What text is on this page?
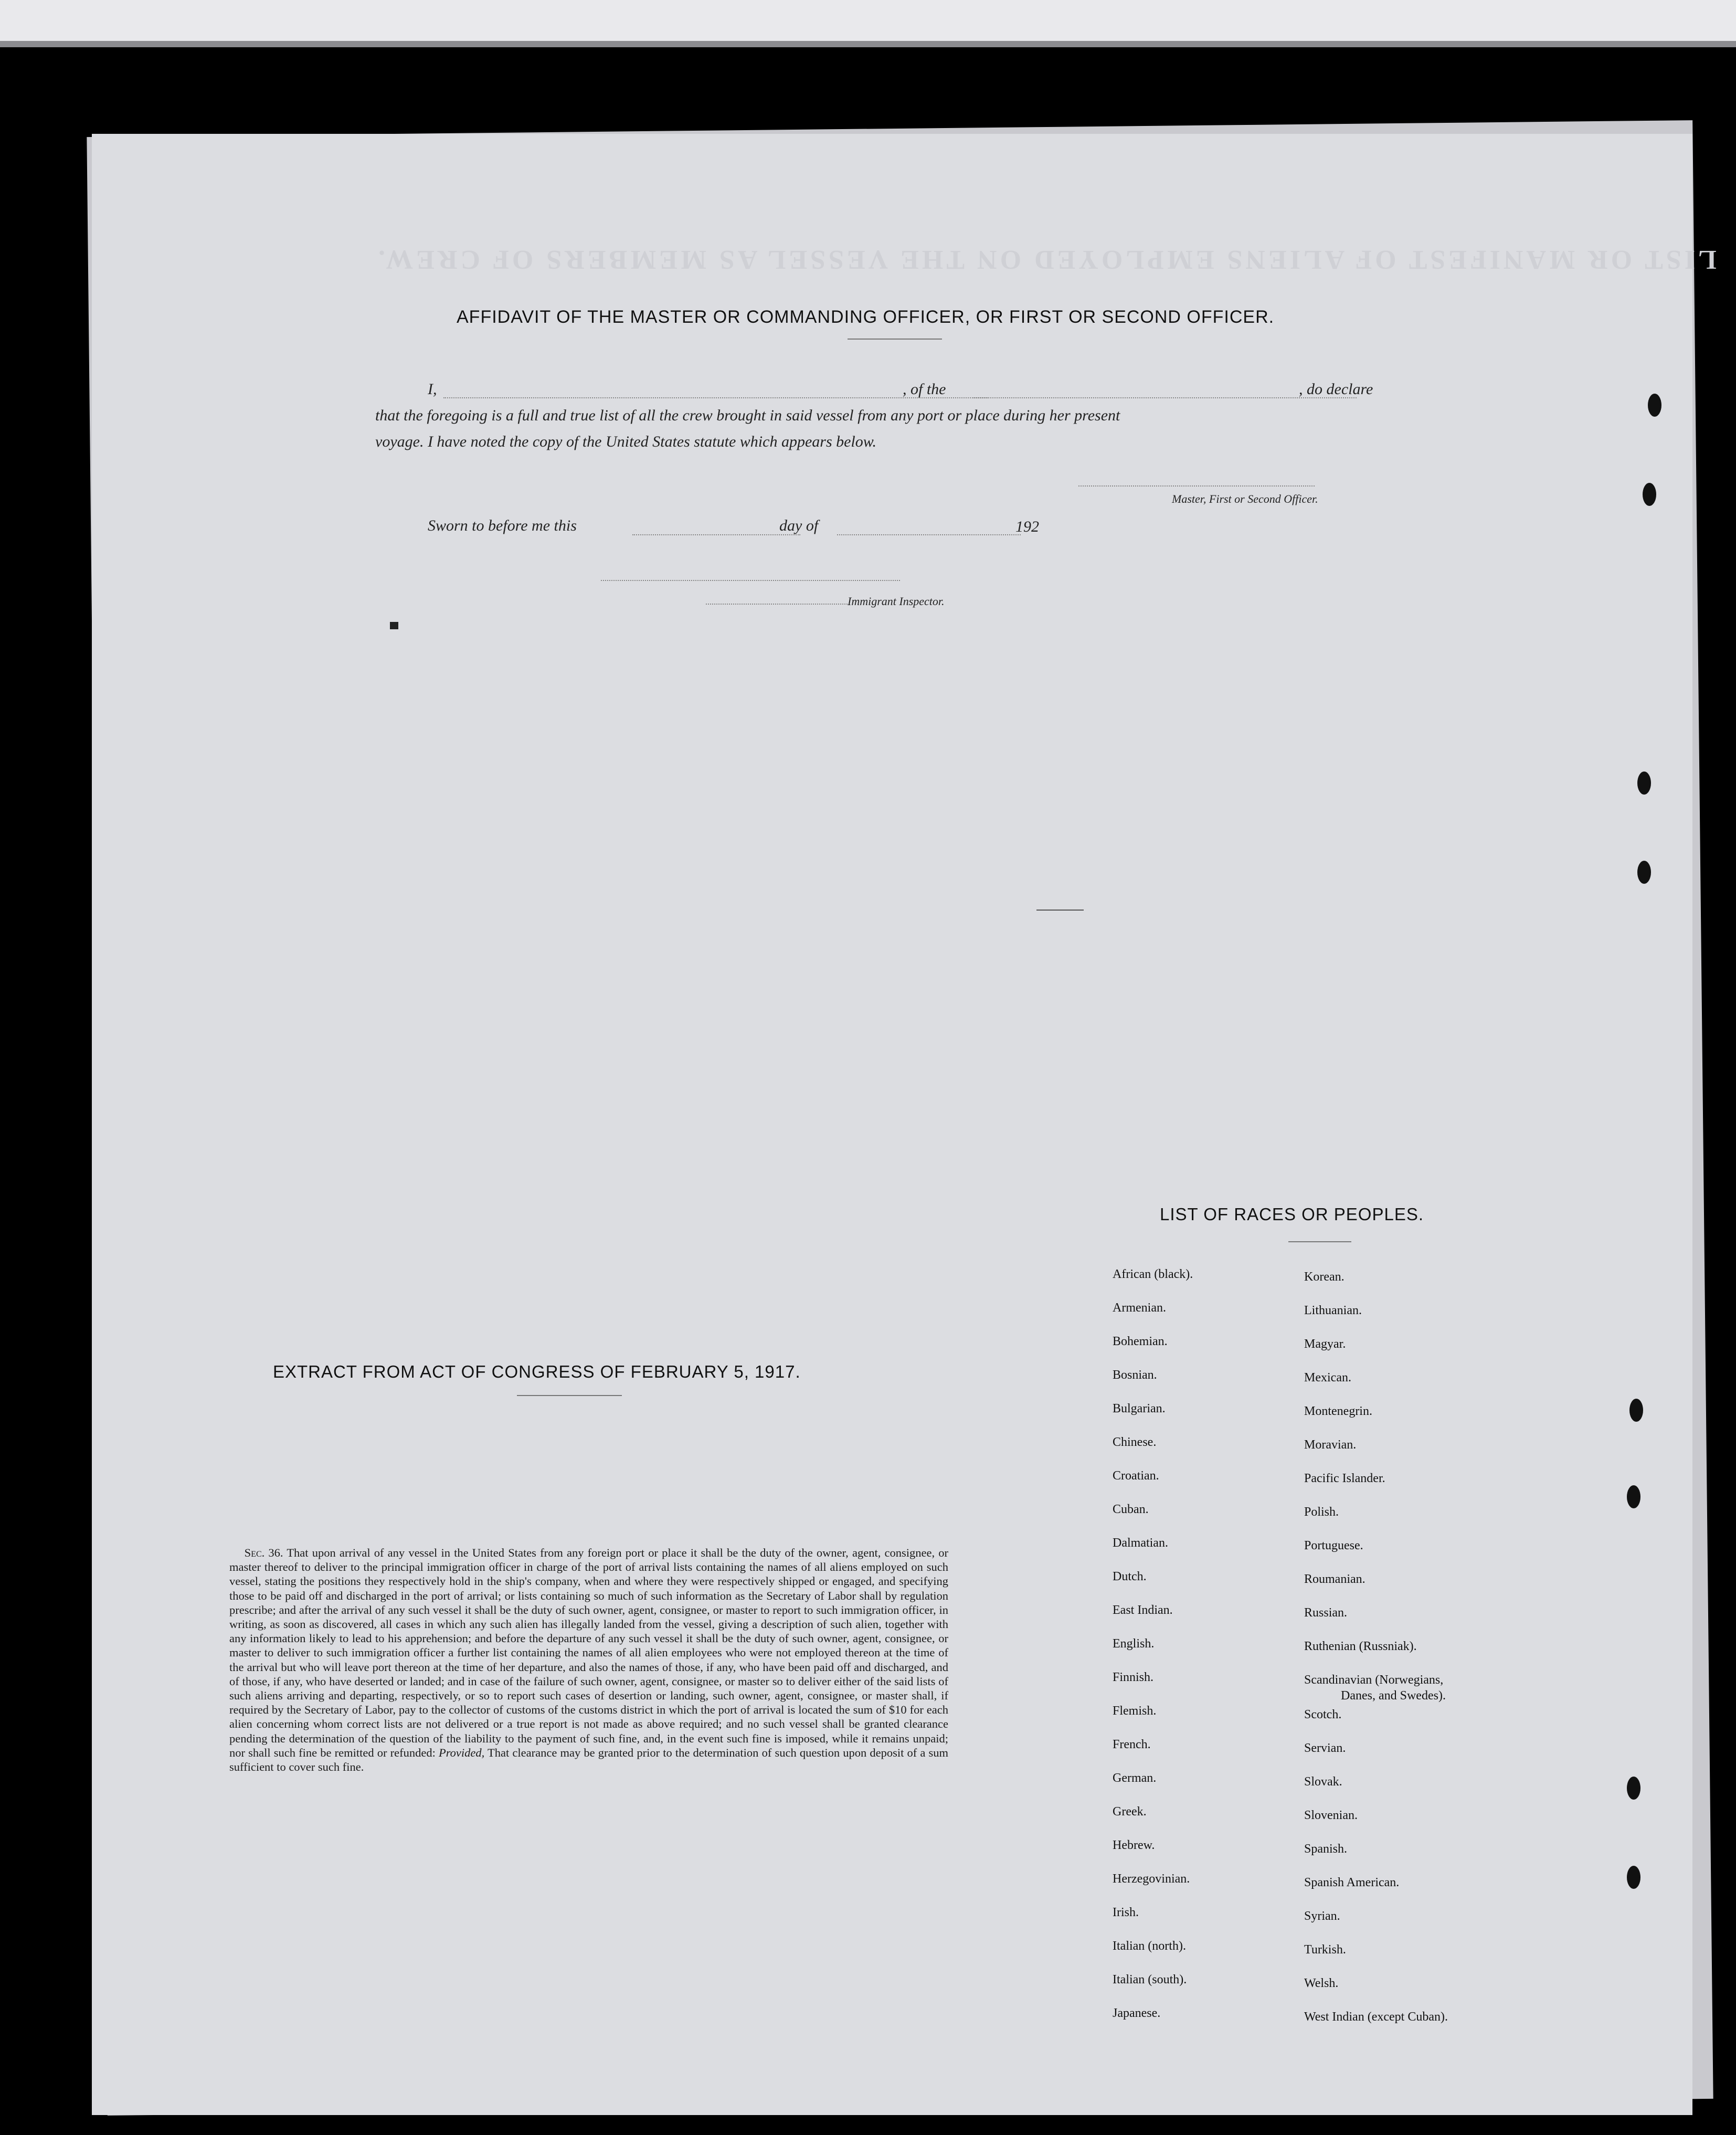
LIST OR MANIFEST OF ALIENS EMPLOYED ON THE VESSEL AS MEMBERS OF CREW.
AFFIDAVIT OF THE MASTER OR COMMANDING OFFICER, OR FIRST OR SECOND OFFICER.
I,	, of the	, do declare
that the foregoing is a full and true list of all the crew brought in said vessel from any port or place during her present
voyage. I have noted the copy of the United States statute which appears below.
Master, First or Second Officer.
Sworn to before me this	day of	192
Immigrant Inspector.
EXTRACT FROM ACT OF CONGRESS OF FEBRUARY 5, 1917.
Sec. 36. That upon arrival of any vessel in the United States from any foreign port or place it shall be the duty of the owner, agent, consignee, or master thereof to deliver to the principal immigration officer in charge of the port of arrival lists containing the names of all aliens employed on such vessel, stating the positions they respectively hold in the ship's company, when and where they were respectively shipped or engaged, and specifying those to be paid off and discharged in the port of arrival; or lists containing so much of such information as the Secretary of Labor shall by regulation prescribe; and after the arrival of any such vessel it shall be the duty of such owner, agent, consignee, or master to report to such immigration officer, in writing, as soon as discovered, all cases in which any such alien has illegally landed from the vessel, giving a description of such alien, together with any information likely to lead to his apprehension; and before the departure of any such vessel it shall be the duty of such owner, agent, consignee, or master to deliver to such immigration officer a further list containing the names of all alien employees who were not employed thereon at the time of the arrival but who will leave port thereon at the time of her departure, and also the names of those, if any, who have been paid off and discharged, and of those, if any, who have deserted or landed; and in case of the failure of such owner, agent, consignee, or master so to deliver either of the said lists of such aliens arriving and departing, respectively, or so to report such cases of desertion or landing, such owner, agent, consignee, or master shall, if required by the Secretary of Labor, pay to the collector of customs of the customs district in which the port of arrival is located the sum of $10 for each alien concerning whom correct lists are not delivered or a true report is not made as above required; and no such vessel shall be granted clearance pending the determination of the question of the liability to the payment of such fine, and, in the event such fine is imposed, while it remains unpaid; nor shall such fine be remitted or refunded: Provided, That clearance may be granted prior to the determination of such question upon deposit of a sum sufficient to cover such fine.
LIST OF RACES OR PEOPLES.
African (black).
Armenian.
Bohemian.
Bosnian.
Bulgarian.
Chinese.
Croatian.
Cuban.
Dalmatian.
Dutch.
East Indian.
English.
Finnish.
Flemish.
French.
German.
Greek.
Hebrew.
Herzegovinian.
Irish.
Italian (north).
Italian (south).
Japanese.
Korean.
Lithuanian.
Magyar.
Mexican.
Montenegrin.
Moravian.
Pacific Islander.
Polish.
Portuguese.
Roumanian.
Russian.
Ruthenian (Russniak).
Scandinavian (Norwegians,
Danes, and Swedes).
Scotch.
Servian.
Slovak.
Slovenian.
Spanish.
Spanish American.
Syrian.
Turkish.
Welsh.
West Indian (except Cuban).
